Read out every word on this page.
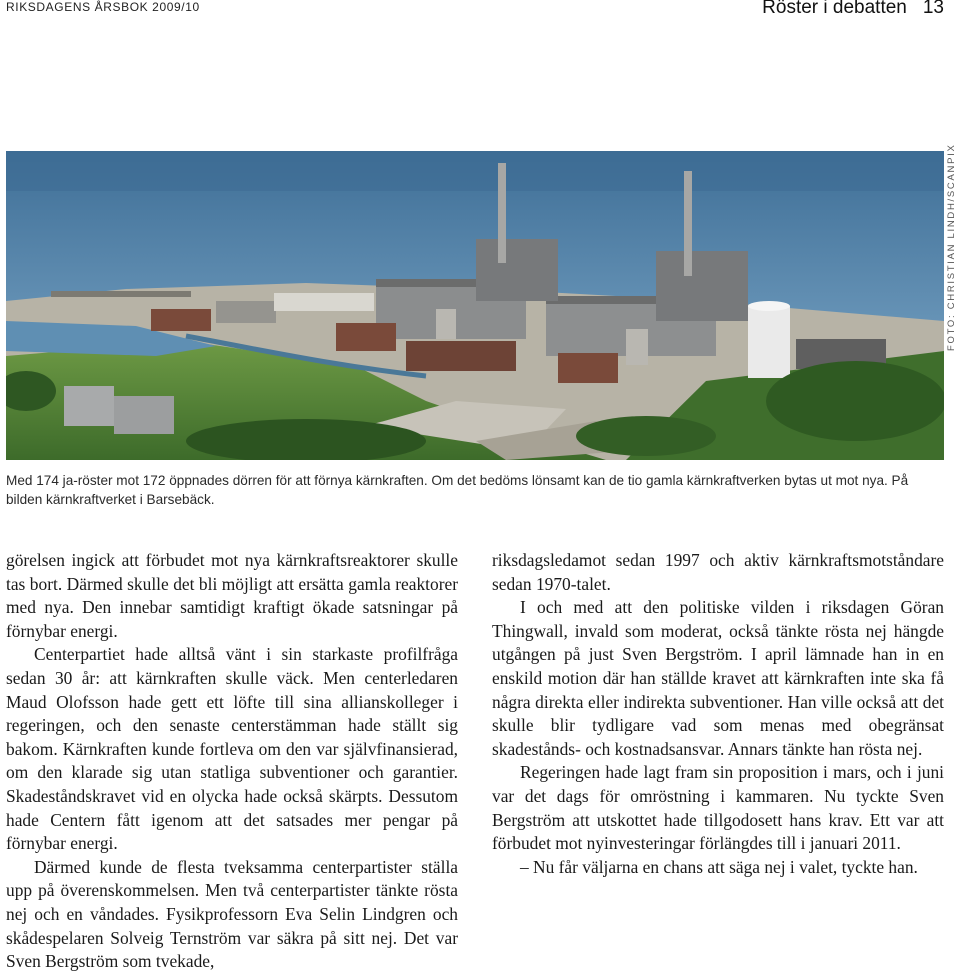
RIKSDAGENS ÅRSBOK 2009/10	Röster i debatten 13
FOTO: CHRISTIAN LINDH/SCANPIX
Med 174 ja-röster mot 172 öppnades dörren för att förnya kärnkraften. Om det bedöms lönsamt kan de tio gamla kärnkraftverken bytas ut mot nya. På bilden kärnkraftverket i Barsebäck.

görelsen ingick att förbudet mot nya kärnkraftsreaktorer skulle tas bort. Därmed skulle det bli möjligt att ersätta gamla reaktorer med nya. Den innebar samtidigt kraftigt ökade satsningar på förnybar energi.

Centerpartiet hade alltså vänt i sin starkaste profilfråga sedan 30 år: att kärnkraften skulle väck. Men centerledaren Maud Olofsson hade gett ett löfte till sina allianskolleger i regeringen, och den senaste centerstämman hade ställt sig bakom. Kärnkraften kunde fortleva om den var självfinansierad, om den klarade sig utan statliga subventioner och garantier. Skadeståndskravet vid en olycka hade också skärpts. Dessutom hade Centern fått igenom att det satsades mer pengar på förnybar energi.

Därmed kunde de flesta tveksamma centerpartister ställa upp på överenskommelsen. Men två centerpartister tänkte rösta nej och en våndades. Fysikprofessorn Eva Selin Lindgren och skådespelaren Solveig Ternström var säkra på sitt nej. Det var Sven Bergström som tvekade,

riksdagsledamot sedan 1997 och aktiv kärnkraftsmotståndare sedan 1970-talet.

I och med att den politiske vilden i riksdagen Göran Thingwall, invald som moderat, också tänkte rösta nej hängde utgången på just Sven Bergström. I april lämnade han in en enskild motion där han ställde kravet att kärnkraften inte ska få några direkta eller indirekta subventioner. Han ville också att det skulle blir tydligare vad som menas med obegränsat skadestånds- och kostnadsansvar. Annars tänkte han rösta nej.

Regeringen hade lagt fram sin proposition i mars, och i juni var det dags för omröstning i kammaren. Nu tyckte Sven Bergström att utskottet hade tillgodosett hans krav. Ett var att förbudet mot nyinvesteringar förlängdes till i januari 2011.

– Nu får väljarna en chans att säga nej i valet, tyckte han.
